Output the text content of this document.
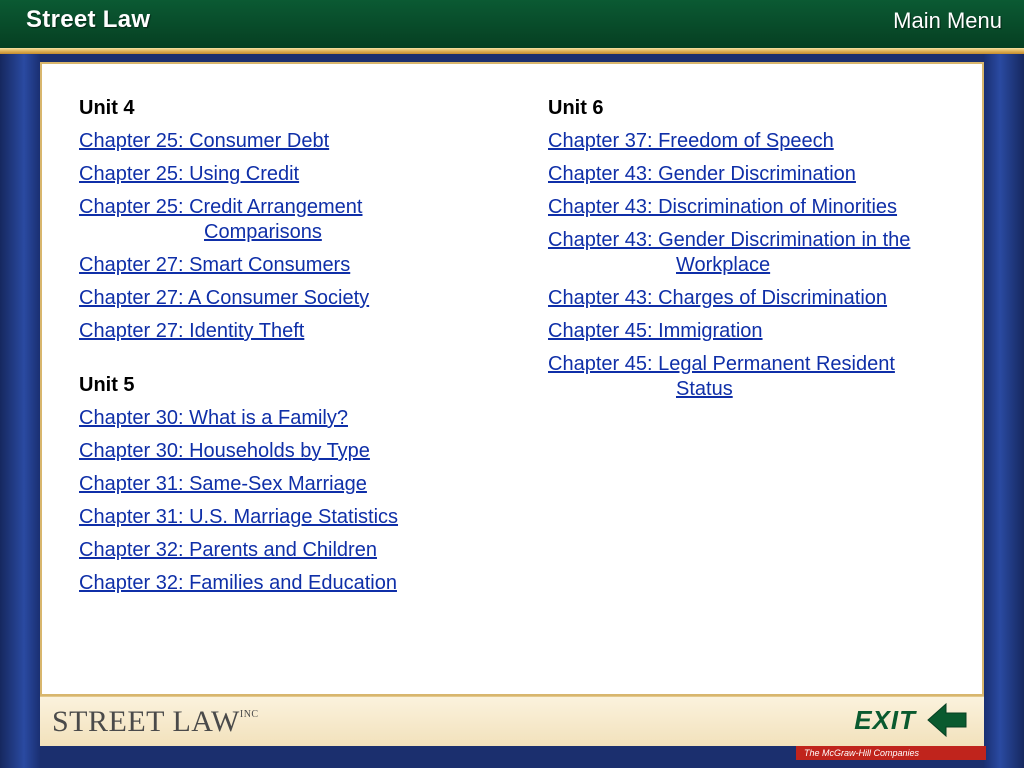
Street Law	Main Menu
Unit 4
Chapter 25: Consumer Debt
Chapter 25: Using Credit
Chapter 25: Credit Arrangement
Comparisons
Chapter 27: Smart Consumers
Chapter 27: A Consumer Society
Chapter 27: Identity Theft
Unit 5
Chapter 30: What is a Family?
Chapter 30: Households by Type
Chapter 31: Same-Sex Marriage
Chapter 31: U.S. Marriage Statistics
Chapter 32: Parents and Children
Chapter 32: Families and Education
Unit 6
Chapter 37: Freedom of Speech
Chapter 43: Gender Discrimination
Chapter 43: Discrimination of Minorities
Chapter 43: Gender Discrimination in the
Workplace
Chapter 43: Charges of Discrimination
Chapter 45: Immigration
Chapter 45: Legal Permanent Resident
Status
STREET $LAW^{INC}$	EXIT
The McGraw-Hill Companies
